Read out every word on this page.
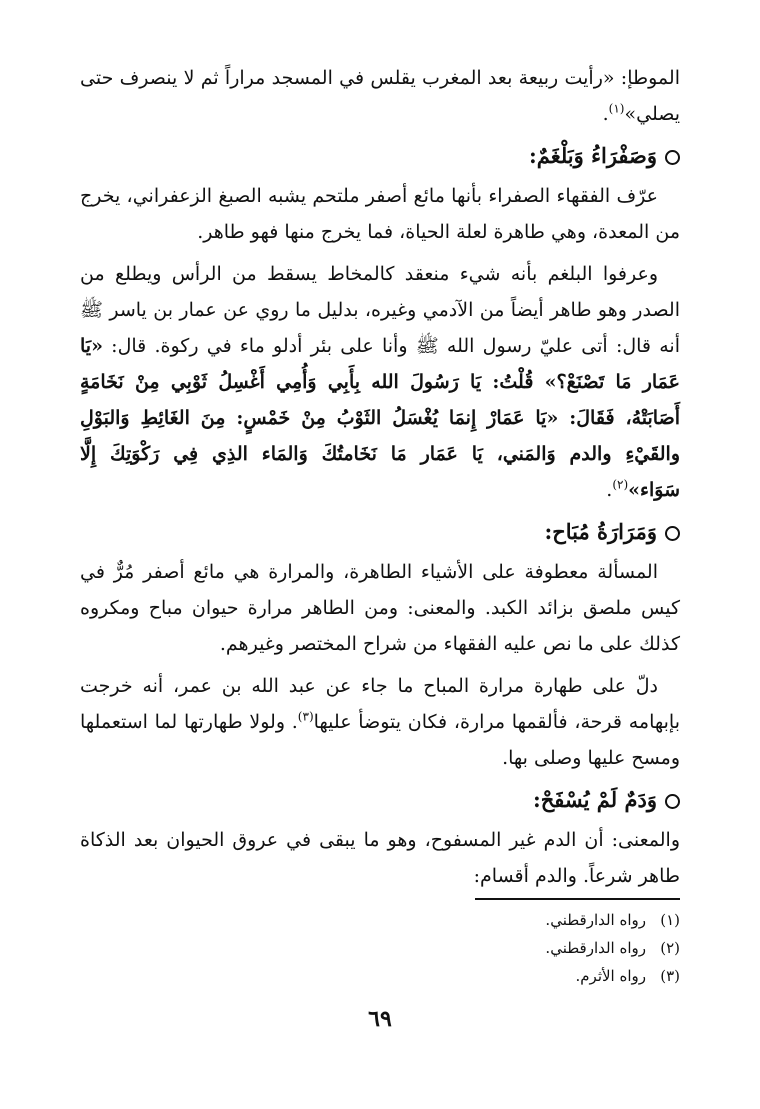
الموطإ: «رأيت ربيعة بعد المغرب يقلس في المسجد مراراً ثم لا ينصرف حتى يصلي»$^{(١)}$.

وَصَفْرَاءُ وَبَلْغَمٌ:

عرّف الفقهاء الصفراء بأنها مائع أصفر ملتحم يشبه الصبغ الزعفراني، يخرج من المعدة، وهي طاهرة لعلة الحياة، فما يخرج منها فهو طاهر.

وعرفوا البلغم بأنه شيء منعقد كالمخاط يسقط من الرأس ويطلع من الصدر وهو طاهر أيضاً من الآدمي وغيره، بدليل ما روي عن عمار بن ياسر ﷺ أنه قال: أتى عليّ رسول الله ﷺ وأنا على بئر أدلو ماء في ركوة. قال: «يَا عَمَار مَا تَصْنَعْ؟» قُلْتُ: يَا رَسُولَ الله بِأَبِي وَأُمِي أَغْسِلُ ثَوْبِي مِنْ نَخَامَةٍ أَصَابَتْهُ، فَقَالَ: «يَا عَمَارْ إِنمَا يُغْسَلُ الثَوْبُ مِنْ خَمْسٍ: مِنَ الغَائِطِ وَالبَوْلِ والقَيْءِ والدم وَالمَني، يَا عَمَار مَا نَخَامتُكَ وَالمَاء الذِي فِي رَكْوَتِكَ إِلَّا سَوَاء»$^{(٢)}$.

وَمَرَارَةُ مُبَاح:

المسألة معطوفة على الأشياء الطاهرة، والمرارة هي مائع أصفر مُرٌّ في كيس ملصق بزائد الكبد. والمعنى: ومن الطاهر مرارة حيوان مباح ومكروه كذلك على ما نص عليه الفقهاء من شراح المختصر وغيرهم.

دلّ على طهارة مرارة المباح ما جاء عن عبد الله بن عمر، أنه خرجت بإبهامه قرحة، فألقمها مرارة، فكان يتوضأ عليها$^{(٣)}$. ولولا طهارتها لما استعملها ومسح عليها وصلى بها.

وَدَمٌ لَمْ يُسْفَحْ:

والمعنى: أن الدم غير المسفوح، وهو ما يبقى في عروق الحيوان بعد الذكاة طاهر شرعاً. والدم أقسام:

(١)رواه الدارقطني.

(٢)رواه الدارقطني.

(٣)رواه الأثرم.

٦٩
